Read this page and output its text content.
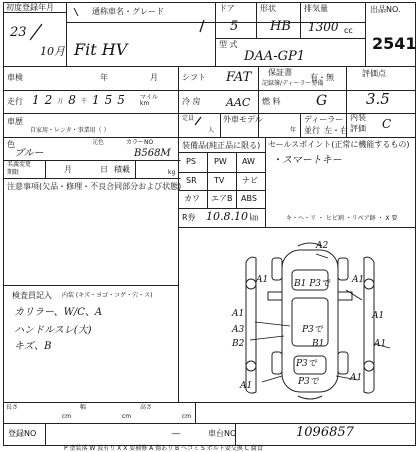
初度登録年月
23
10月
通称車名・グレード
Fit HV
ドア
5
形状
HB
排気量
1300 cc
型 式
DAA-GP1
出品NO.
2541
車検	年	月	シフト FAT 保証書
記録簿/ディーラー整備
有・無	評価点
3.5
走行 1 2 万 8 千 1 5 5	マイル km	冷 房 AAC 燃 料	G
内装
評価 C
車歴
自家用・レンタ・事業用（ ）
定員
人
外車モデル
年
ディーラー
並行 左・右
色	元色	カラーNO
ブルー	B568M
名義変更
期限	月	日 積載	kg
注意事項(欠品・修理・不良合同部分および状態)
装備品(純正品に限る)
PS PW AW
SR TV ナビ
カワ エアB ABS
R券 10.8.10 ㎞
セールスポイント(正常に機能するもの)
・スマートキー
キ・ヘ・リ ・ ヒビ割 ・リペア跡 ・ X 要
検査員記入 内装 (キズ・ヨゴ・コゲ・穴・ス)
カリラー、W/C、A
ハンドルスレ(大)
キズ、B
A2
B1 P3で
A1	A1
A3
B2
A1
P3で
B1	A1
A1	P3で	A1
A1
P3で
長さ
cm
幅
cm
高さ
cm
登録NO	―	車台NO	1096857
P 塗装落 W 波有り X X 要補修 A 傷あり B へコミ S ボルト要交換 C 腐食
